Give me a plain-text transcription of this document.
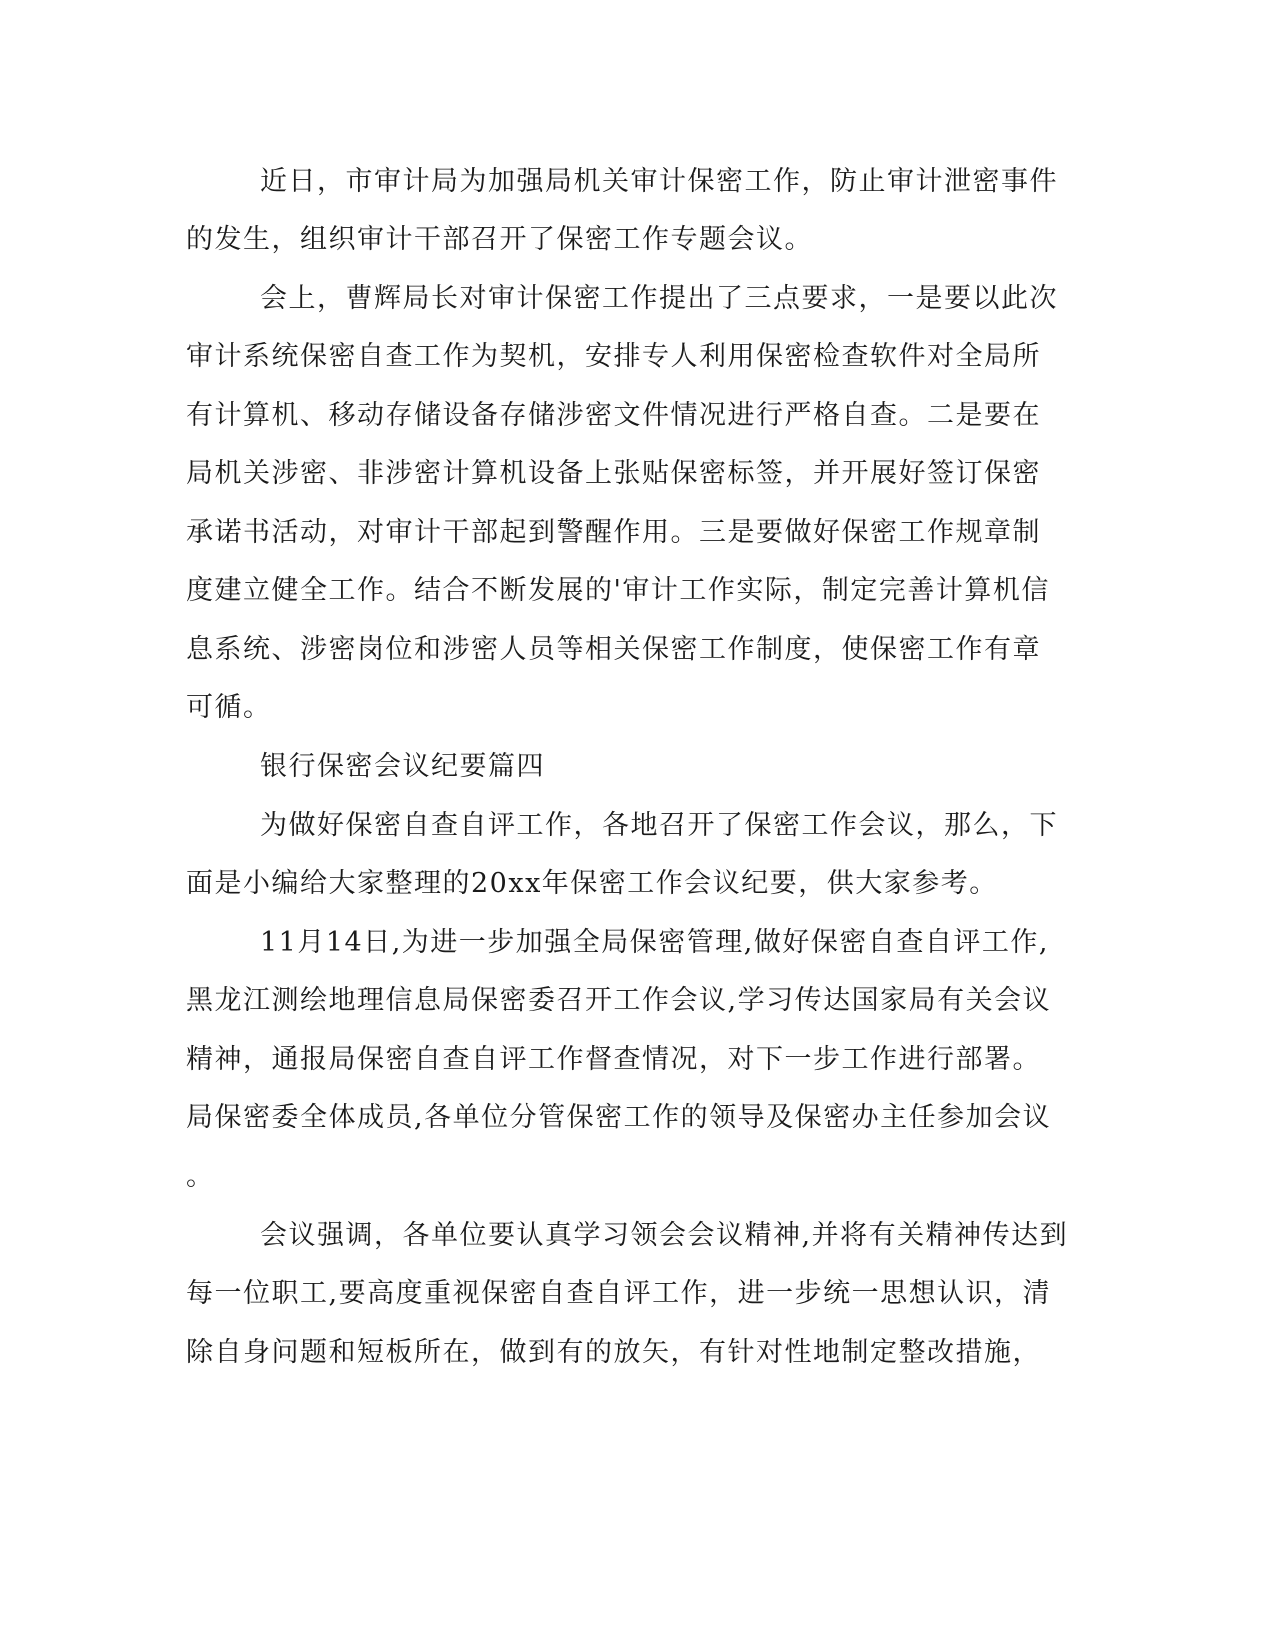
近日，市审计局为加强局机关审计保密工作，防止审计泄密事件
的发生，组织审计干部召开了保密工作专题会议。
会上，曹辉局长对审计保密工作提出了三点要求，一是要以此次
审计系统保密自查工作为契机，安排专人利用保密检查软件对全局所
有计算机、移动存储设备存储涉密文件情况进行严格自查。二是要在
局机关涉密、非涉密计算机设备上张贴保密标签，并开展好签订保密
承诺书活动，对审计干部起到警醒作用。三是要做好保密工作规章制
度建立健全工作。结合不断发展的'审计工作实际，制定完善计算机信
息系统、涉密岗位和涉密人员等相关保密工作制度，使保密工作有章
可循。
银行保密会议纪要篇四
为做好保密自查自评工作，各地召开了保密工作会议，那么，下
面是小编给大家整理的20xx年保密工作会议纪要，供大家参考。
11月14日,为进一步加强全局保密管理,做好保密自查自评工作,
黑龙江测绘地理信息局保密委召开工作会议,学习传达国家局有关会议
精神，通报局保密自查自评工作督查情况，对下一步工作进行部署。
局保密委全体成员,各单位分管保密工作的领导及保密办主任参加会议
。
会议强调，各单位要认真学习领会会议精神,并将有关精神传达到
每一位职工,要高度重视保密自查自评工作，进一步统一思想认识，清
除自身问题和短板所在，做到有的放矢，有针对性地制定整改措施，
